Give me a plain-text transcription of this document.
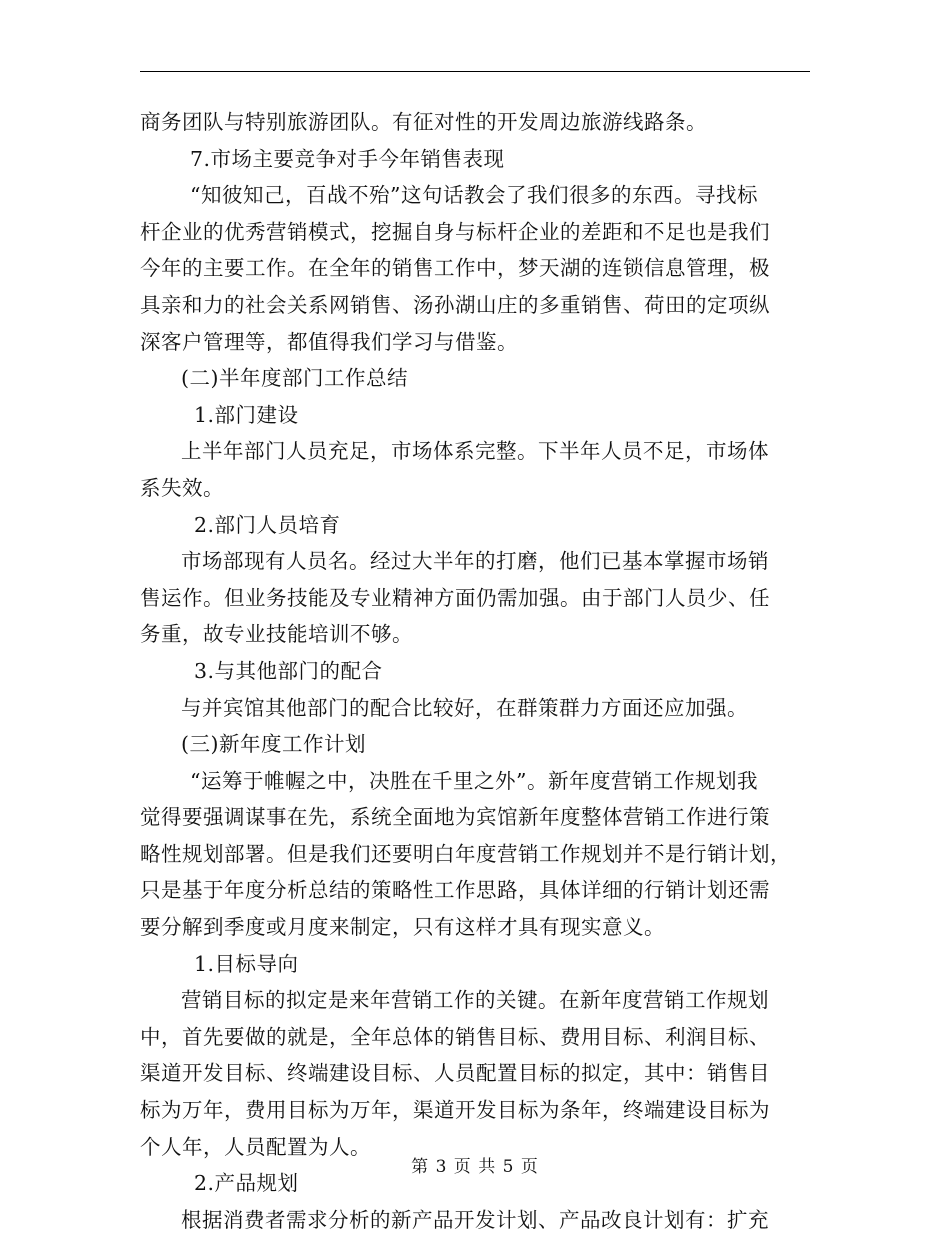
商务团队与特别旅游团队。有征对性的开发周边旅游线路条。
7.市场主要竞争对手今年销售表现
“知彼知己，百战不殆”这句话教会了我们很多的东西。寻找标
杆企业的优秀营销模式，挖掘自身与标杆企业的差距和不足也是我们
今年的主要工作。在全年的销售工作中，梦天湖的连锁信息管理，极
具亲和力的社会关系网销售、汤孙湖山庄的多重销售、荷田的定项纵
深客户管理等，都值得我们学习与借鉴。
(二)半年度部门工作总结
1.部门建设
上半年部门人员充足，市场体系完整。下半年人员不足，市场体
系失效。
2.部门人员培育
市场部现有人员名。经过大半年的打磨，他们已基本掌握市场销
售运作。但业务技能及专业精神方面仍需加强。由于部门人员少、任
务重，故专业技能培训不够。
3.与其他部门的配合
与并宾馆其他部门的配合比较好，在群策群力方面还应加强。
(三)新年度工作计划
“运筹于帷幄之中，决胜在千里之外”。新年度营销工作规划我
觉得要强调谋事在先，系统全面地为宾馆新年度整体营销工作进行策
略性规划部署。但是我们还要明白年度营销工作规划并不是行销计划，
只是基于年度分析总结的策略性工作思路，具体详细的行销计划还需
要分解到季度或月度来制定，只有这样才具有现实意义。
1.目标导向
营销目标的拟定是来年营销工作的关键。在新年度营销工作规划
中，首先要做的就是，全年总体的销售目标、费用目标、利润目标、
渠道开发目标、终端建设目标、人员配置目标的拟定，其中：销售目
标为万年，费用目标为万年，渠道开发目标为条年，终端建设目标为
个人年，人员配置为人。
2.产品规划
根据消费者需求分析的新产品开发计划、产品改良计划有：扩充
第 3 页 共 5 页
